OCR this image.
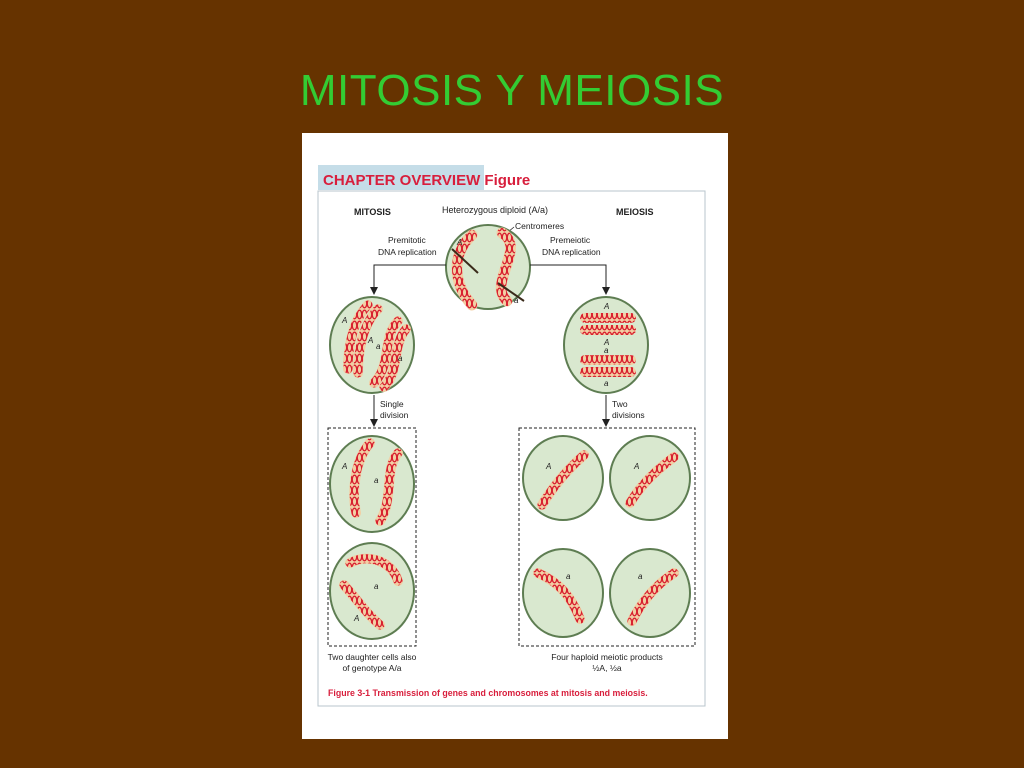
MITOSIS Y MEIOSIS
CHAPTER OVERVIEW Figure
MITOSIS	MEIOSIS
Heterozygous diploid (A/a)
Centromeres
A
a
Premitotic
DNA replication
Premeiotic
DNA replication
A
A
a
a
A
A
a
a
Single
division
Two
divisions
A
a
a
A
A	A
a	a
Two daughter cells also
of genotype A/a
Four haploid meiotic products
½A, ½a
Figure 3-1 Transmission of genes and chromosomes at mitosis and meiosis.
